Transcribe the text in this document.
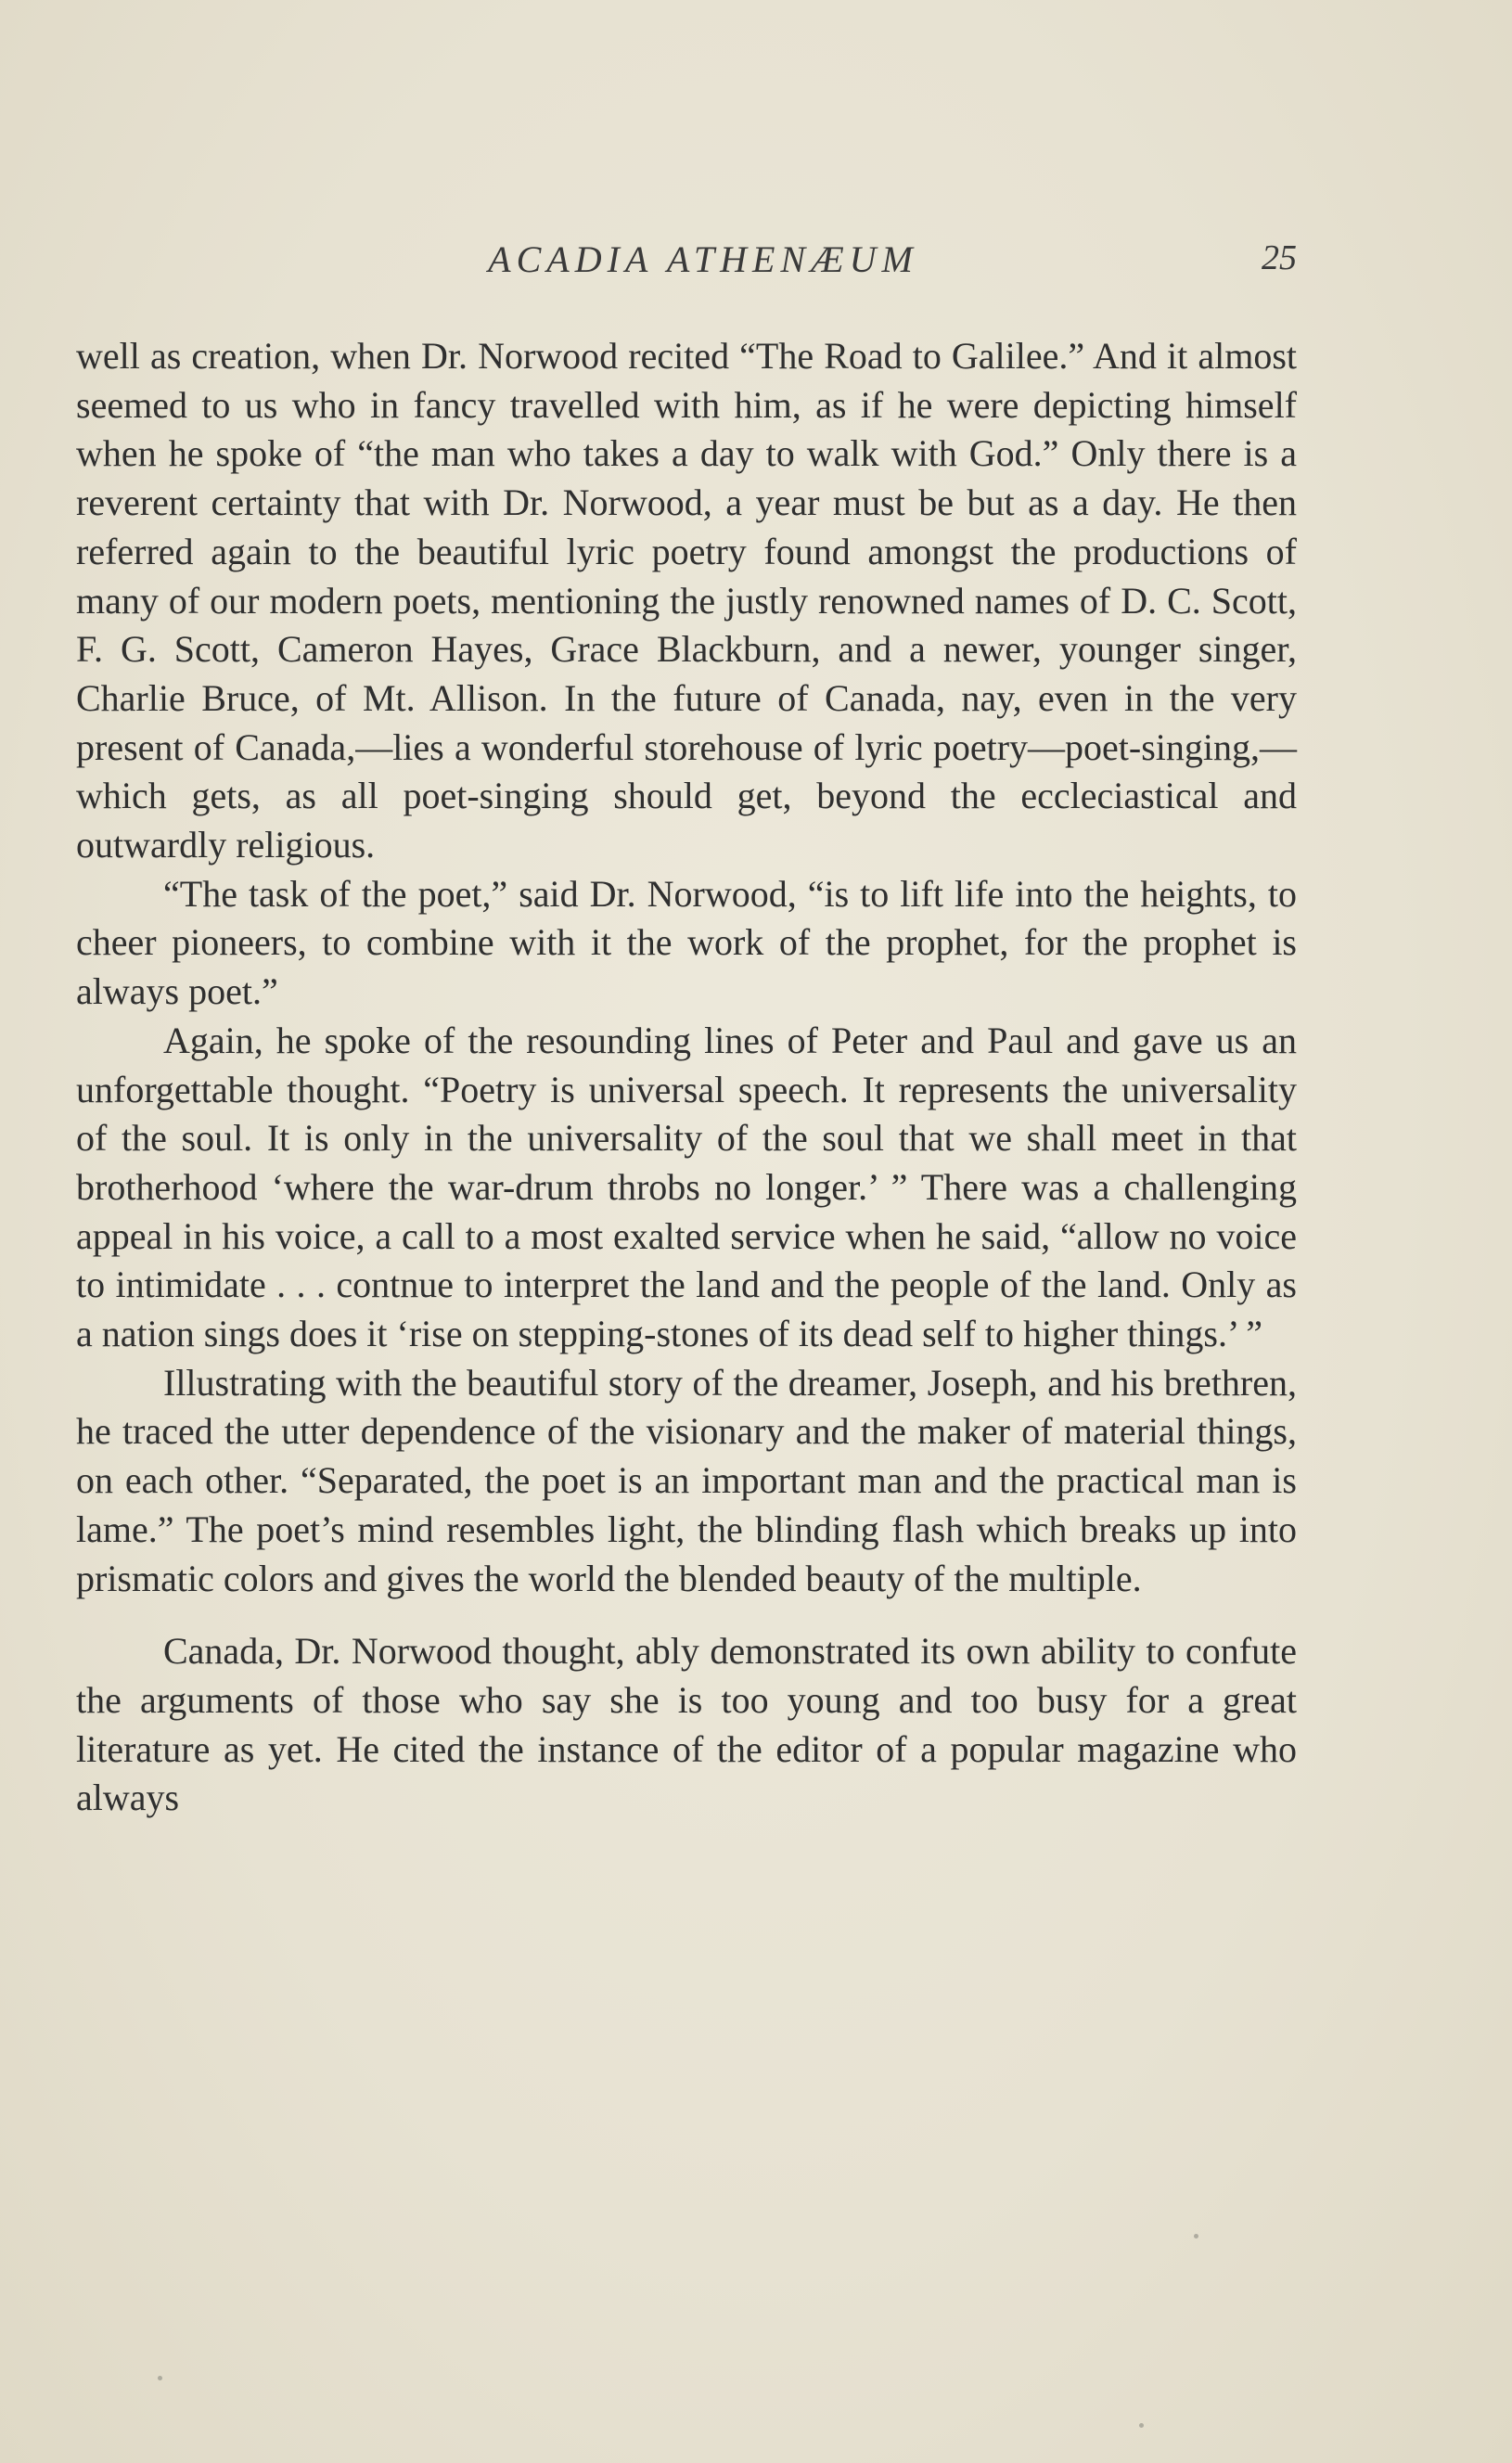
ACADIA ATHENÆUM	25

well as creation, when Dr. Norwood recited “The Road to Galilee.” And it almost seemed to us who in fancy travelled with him, as if he were depicting himself when he spoke of “the man who takes a day to walk with God.” Only there is a reverent certainty that with Dr. Norwood, a year must be but as a day. He then referred again to the beautiful lyric poetry found amongst the productions of many of our modern poets, mentioning the justly renowned names of D. C. Scott, F. G. Scott, Cameron Hayes, Grace Blackburn, and a newer, younger singer, Charlie Bruce, of Mt. Allison. In the future of Canada, nay, even in the very present of Canada,—lies a wonderful storehouse of lyric poetry—poet-singing,—which gets, as all poet-singing should get, beyond the eccleciastical and outwardly religious.

“The task of the poet,” said Dr. Norwood, “is to lift life into the heights, to cheer pioneers, to combine with it the work of the prophet, for the prophet is always poet.”

Again, he spoke of the resounding lines of Peter and Paul and gave us an unforgettable thought. “Poetry is universal speech. It represents the universality of the soul. It is only in the universality of the soul that we shall meet in that brotherhood ‘where the war-drum throbs no longer.’ ” There was a challenging appeal in his voice, a call to a most exalted service when he said, “allow no voice to intimidate . . . contnue to interpret the land and the people of the land. Only as a nation sings does it ‘rise on stepping-stones of its dead self to higher things.’ ”

Illustrating with the beautiful story of the dreamer, Joseph, and his brethren, he traced the utter dependence of the visionary and the maker of material things, on each other. “Separated, the poet is an important man and the practical man is lame.” The poet’s mind resembles light, the blinding flash which breaks up into prismatic colors and gives the world the blended beauty of the multiple.

Canada, Dr. Norwood thought, ably demonstrated its own ability to confute the arguments of those who say she is too young and too busy for a great literature as yet. He cited the instance of the editor of a popular magazine who always
